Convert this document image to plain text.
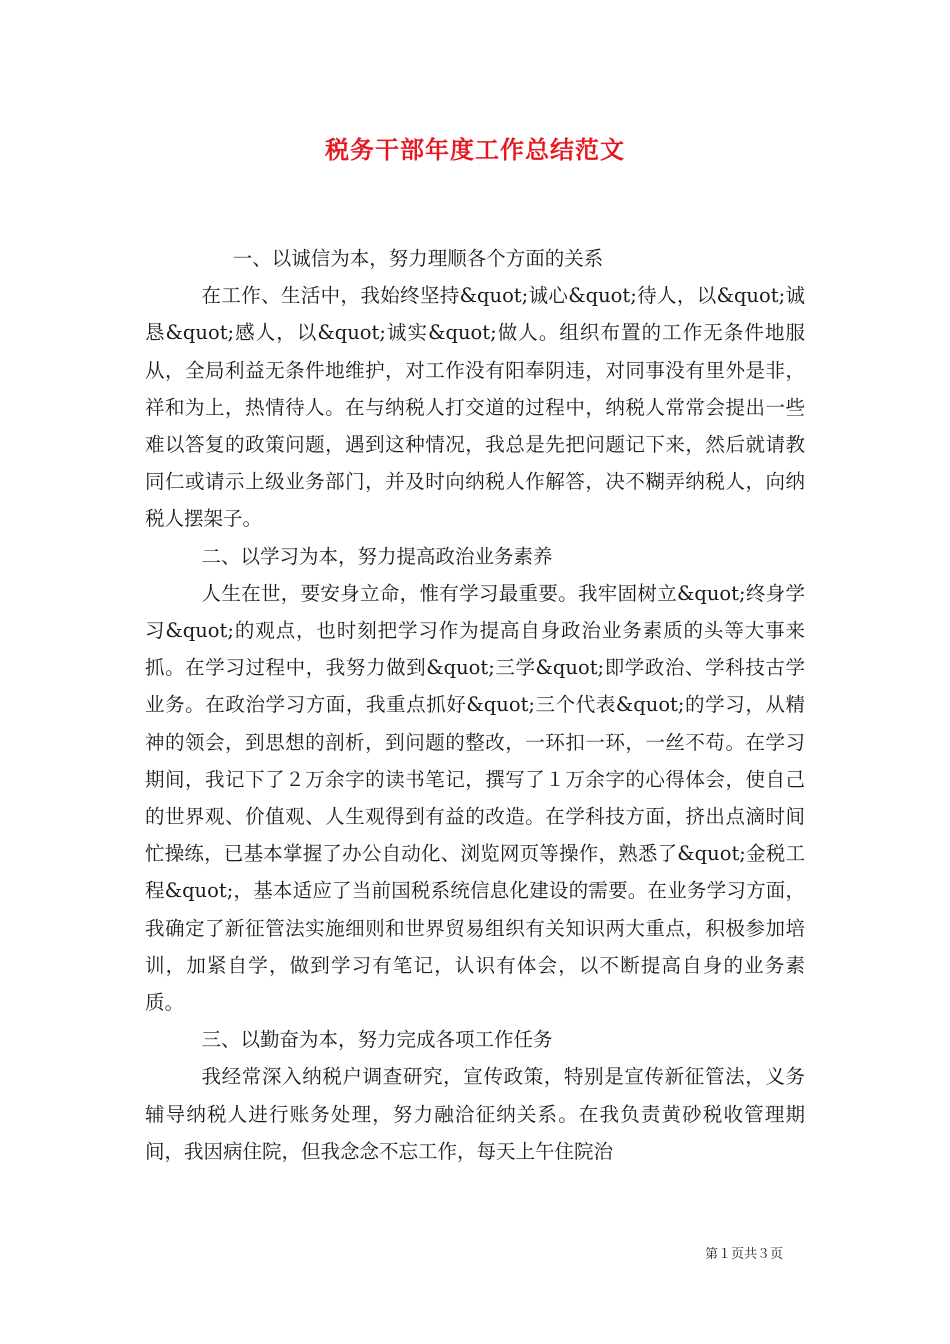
税务干部年度工作总结范文

一、以诚信为本，努力理顺各个方面的关系

在工作、生活中，我始终坚持&quot;诚心&quot;待人，以&quot;诚恳&quot;感人，以&quot;诚实&quot;做人。组织布置的工作无条件地服从，全局利益无条件地维护，对工作没有阳奉阴违，对同事没有里外是非，祥和为上，热情待人。在与纳税人打交道的过程中，纳税人常常会提出一些难以答复的政策问题，遇到这种情况，我总是先把问题记下来，然后就请教同仁或请示上级业务部门，并及时向纳税人作解答，决不糊弄纳税人，向纳税人摆架子。

二、以学习为本，努力提高政治业务素养

人生在世，要安身立命，惟有学习最重要。我牢固树立&quot;终身学习&quot;的观点，也时刻把学习作为提高自身政治业务素质的头等大事来抓。在学习过程中，我努力做到&quot;三学&quot;即学政治、学科技古学业务。在政治学习方面，我重点抓好&quot;三个代表&quot;的学习，从精神的领会，到思想的剖析，到问题的整改，一环扣一环，一丝不苟。在学习期间，我记下了２万余字的读书笔记，撰写了１万余字的心得体会，使自己的世界观、价值观、人生观得到有益的改造。在学科技方面，挤出点滴时间忙操练，已基本掌握了办公自动化、浏览网页等操作，熟悉了&quot;金税工程&quot;，基本适应了当前国税系统信息化建设的需要。在业务学习方面，我确定了新征管法实施细则和世界贸易组织有关知识两大重点，积极参加培训，加紧自学，做到学习有笔记，认识有体会，以不断提高自身的业务素质。

三、以勤奋为本，努力完成各项工作任务

我经常深入纳税户调查研究，宣传政策，特别是宣传新征管法，义务辅导纳税人进行账务处理，努力融洽征纳关系。在我负责黄砂税收管理期间，我因病住院，但我念念不忘工作，每天上午住院治

第１页共３页
